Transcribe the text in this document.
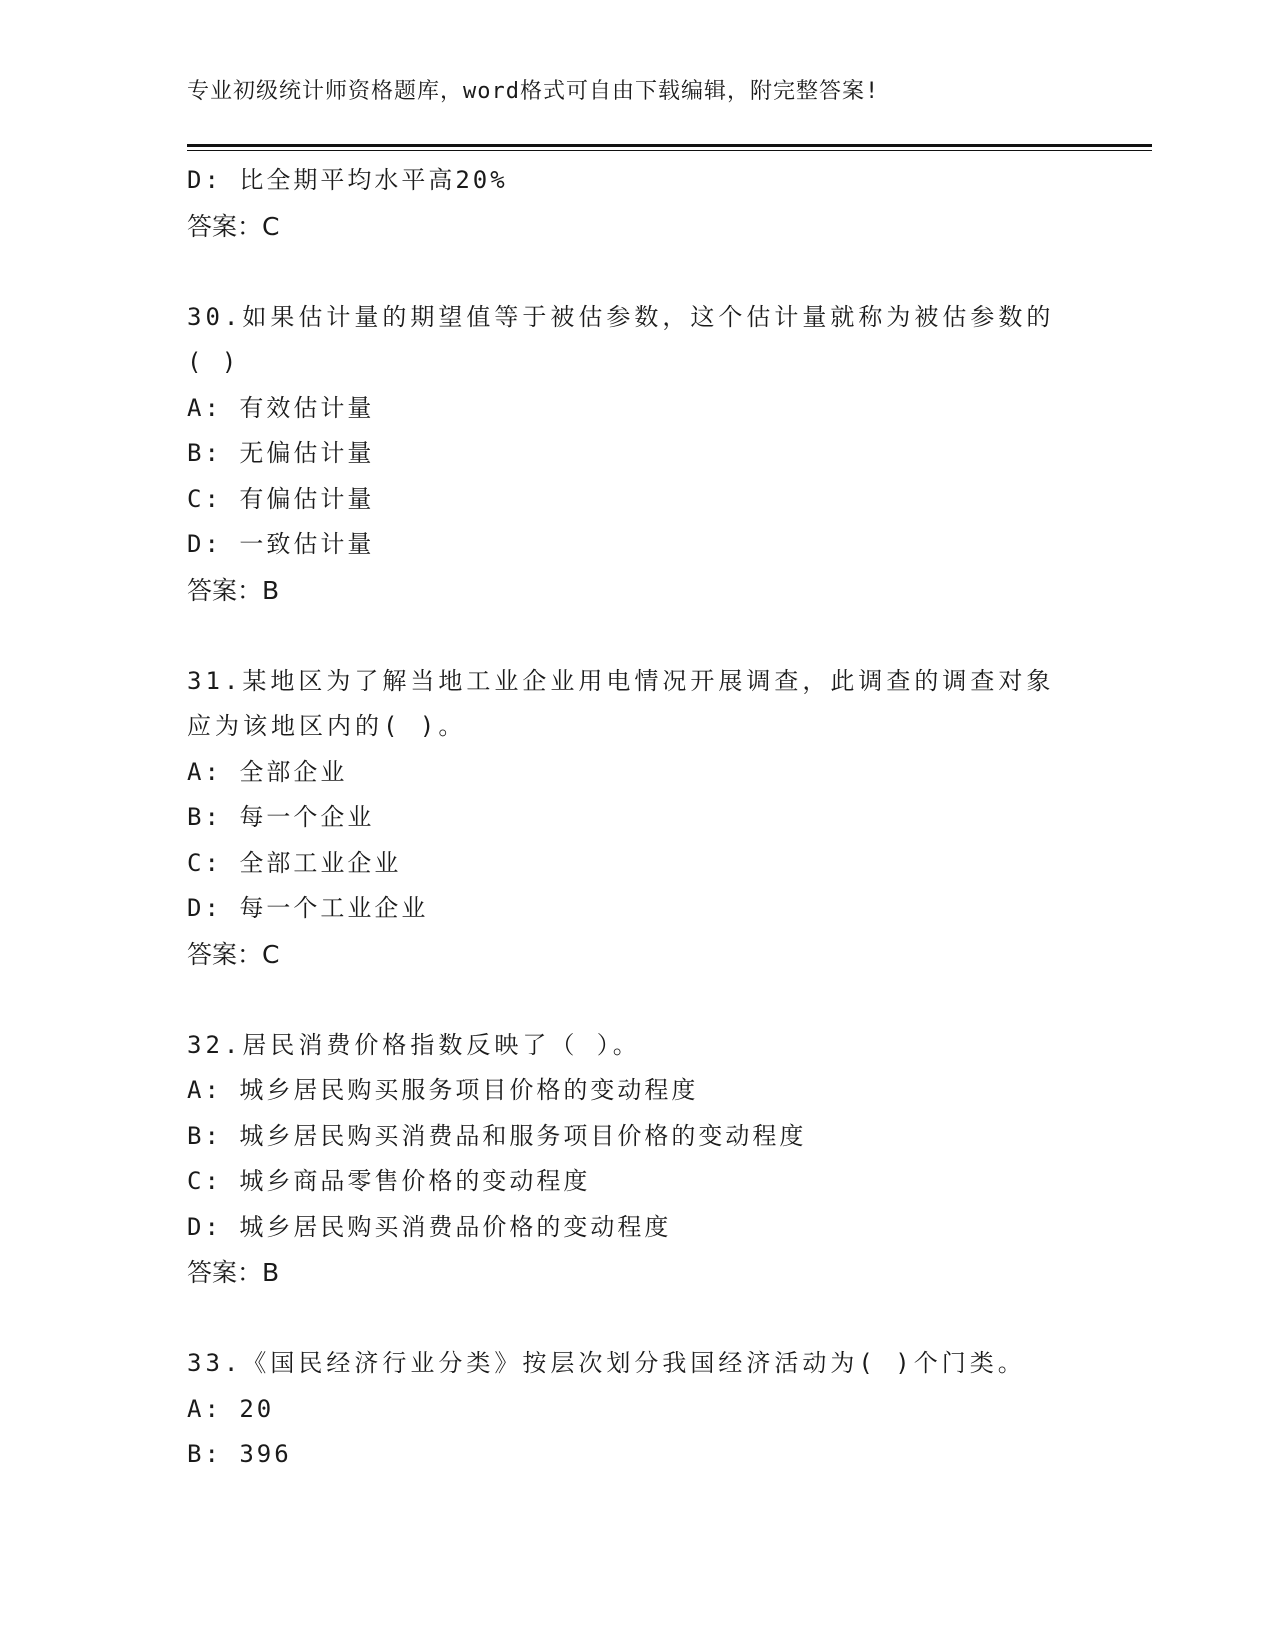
专业初级统计师资格题库，word格式可自由下载编辑，附完整答案!
D: 比全期平均水平高20%
答案：C
30.如果估计量的期望值等于被估参数，这个估计量就称为被估参数的
( )
A: 有效估计量
B: 无偏估计量
C: 有偏估计量
D: 一致估计量
答案：B
31.某地区为了解当地工业企业用电情况开展调查，此调查的调查对象
应为该地区内的( )。
A: 全部企业
B: 每一个企业
C: 全部工业企业
D: 每一个工业企业
答案：C
32.居民消费价格指数反映了（ ）。
A: 城乡居民购买服务项目价格的变动程度
B: 城乡居民购买消费品和服务项目价格的变动程度
C: 城乡商品零售价格的变动程度
D: 城乡居民购买消费品价格的变动程度
答案：B
33.《国民经济行业分类》按层次划分我国经济活动为( )个门类。
A: 20
B: 396
